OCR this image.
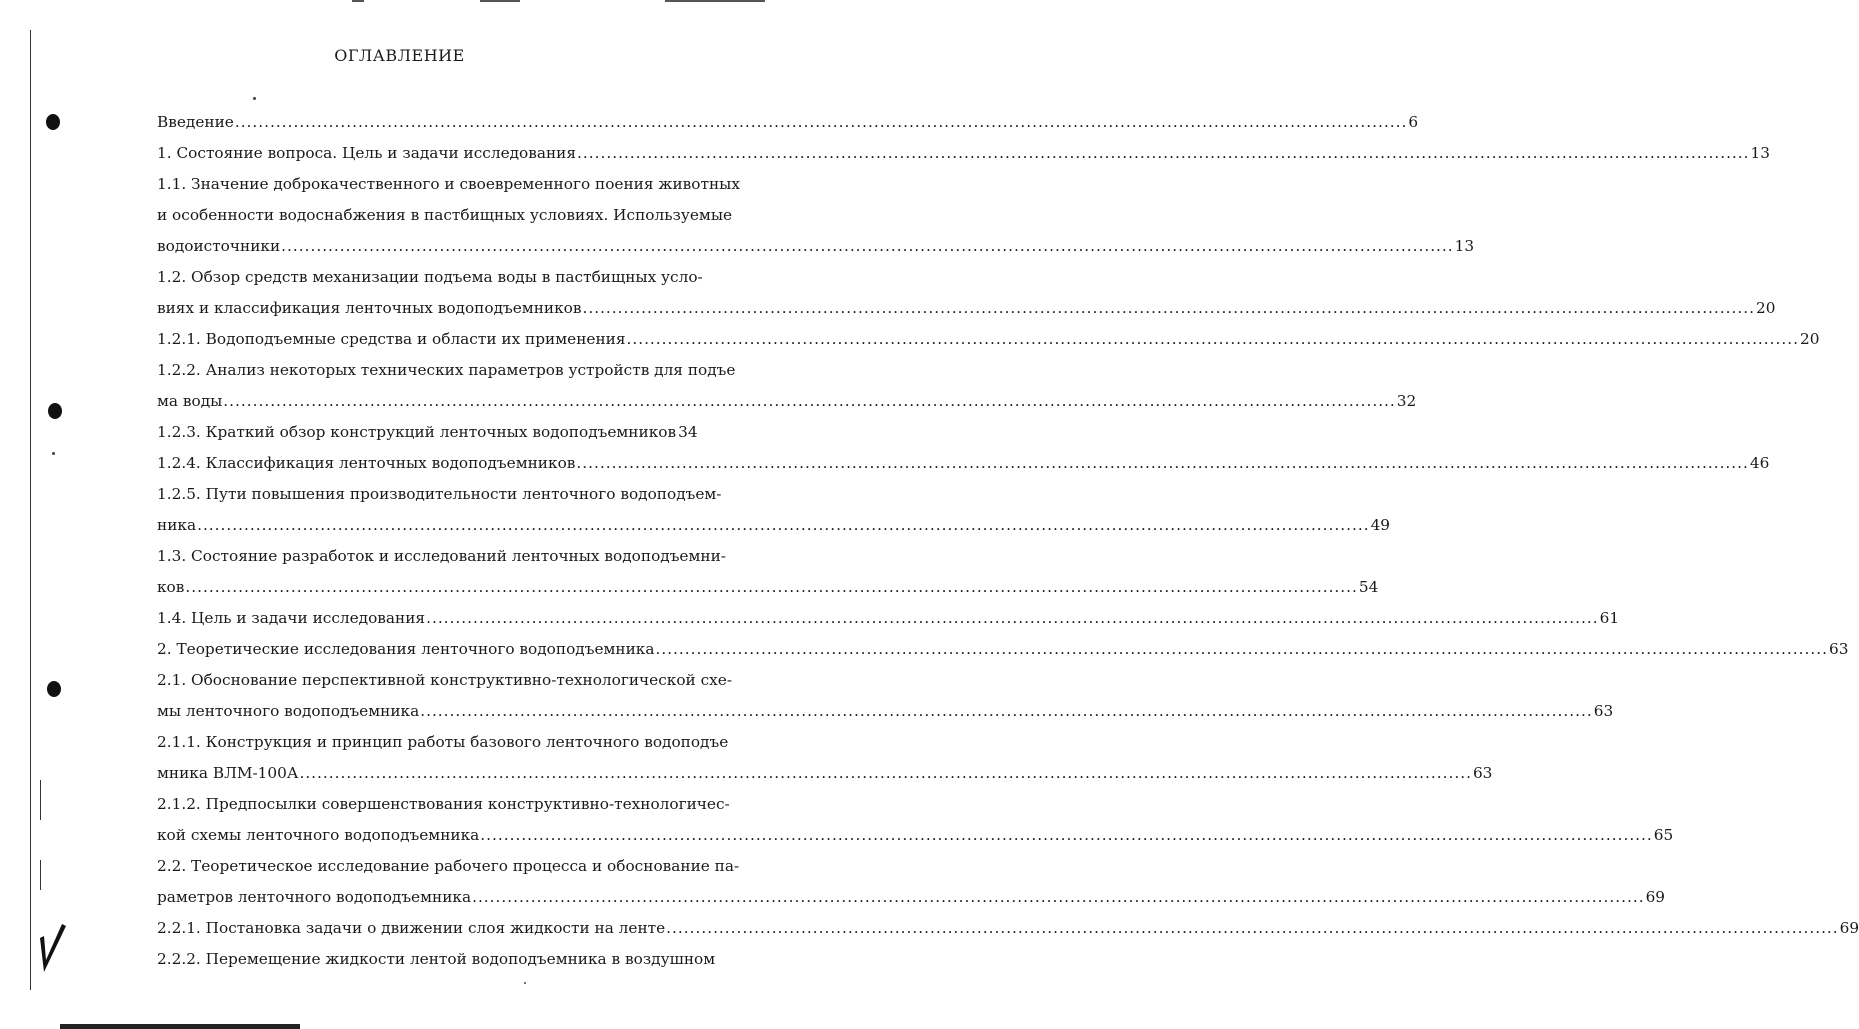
ОГЛАВЛЕНИЕ
Введение .....	6
1. Состояние вопроса. Цель и задачи исследования .....	13
1.1. Значение доброкачественного и своевременного поения животных
и особенности водоснабжения в пастбищных условиях. Используемые
водоисточники .....	13
1.2. Обзор средств механизации подъема воды в пастбищных усло-
виях и классификация ленточных водоподъемников .....	20
1.2.1. Водоподъемные средства и области их применения .....	20
1.2.2. Анализ некоторых технических параметров устройств для подъе
ма воды .....	32
1.2.3. Краткий обзор конструкций ленточных водоподъемников 34
1.2.4. Классификация ленточных водоподъемников .....	46
1.2.5. Пути повышения производительности ленточного водоподъем-
ника .....	49
1.3. Состояние разработок и исследований ленточных водоподъемни-
ков .....	54
1.4. Цель и задачи исследования .....	61
2. Теоретические исследования ленточного водоподъемника .....	63
2.1. Обоснование перспективной конструктивно-технологической схе-
мы ленточного водоподъемника .....	63
2.1.1. Конструкция и принцип работы базового ленточного водоподъе
мника ВЛМ-100А .....	63
2.1.2. Предпосылки совершенствования конструктивно-технологичес-
кой схемы ленточного водоподъемника .....	65
2.2. Теоретическое исследование рабочего процесса и обоснование па-
раметров ленточного водоподъемника .....	69
2.2.1. Постановка задачи о движении слоя жидкости на ленте .....	69
2.2.2. Перемещение жидкости лентой водоподъемника в воздушном
